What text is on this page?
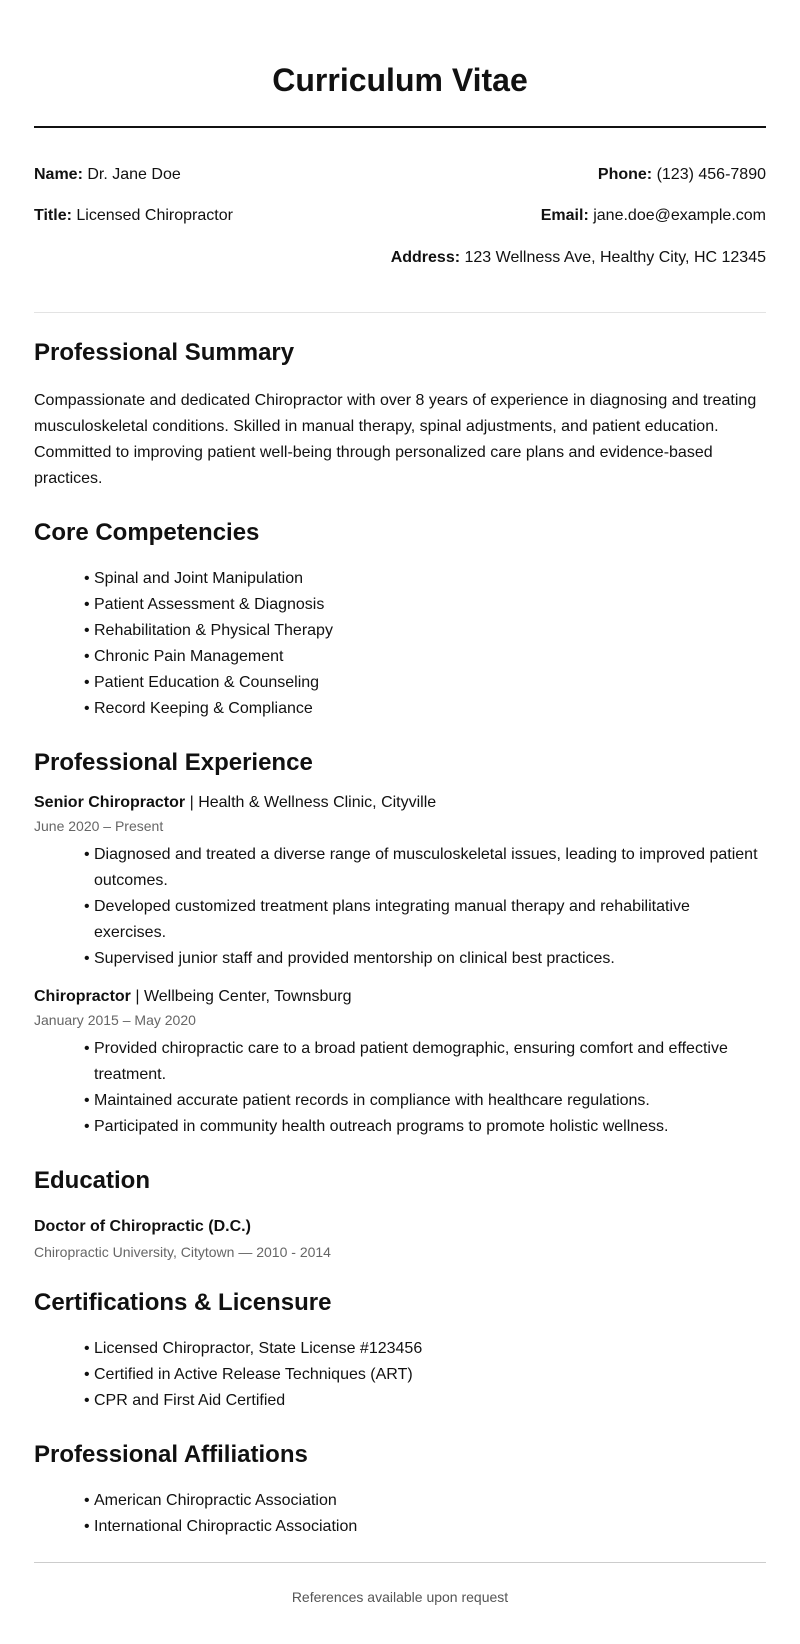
Curriculum Vitae
Name: Dr. Jane Doe
Title: Licensed Chiropractor
Phone: (123) 456-7890
Email: jane.doe@example.com
Address: 123 Wellness Ave, Healthy City, HC 12345
Professional Summary

Compassionate and dedicated Chiropractor with over 8 years of experience in diagnosing and treating musculoskeletal conditions. Skilled in manual therapy, spinal adjustments, and patient education. Committed to improving patient well-being through personalized care plans and evidence-based practices.

Core Competencies
• Spinal and Joint Manipulation
• Patient Assessment & Diagnosis
• Rehabilitation & Physical Therapy
• Chronic Pain Management
• Patient Education & Counseling
• Record Keeping & Compliance
Professional Experience
Senior Chiropractor | Health & Wellness Clinic, Cityville
June 2020 – Present
• Diagnosed and treated a diverse range of musculoskeletal issues, leading to improved patient outcomes.
• Developed customized treatment plans integrating manual therapy and rehabilitative exercises.
• Supervised junior staff and provided mentorship on clinical best practices.
Chiropractor | Wellbeing Center, Townsburg
January 2015 – May 2020
• Provided chiropractic care to a broad patient demographic, ensuring comfort and effective treatment.
• Maintained accurate patient records in compliance with healthcare regulations.
• Participated in community health outreach programs to promote holistic wellness.
Education
Doctor of Chiropractic (D.C.)
Chiropractic University, Citytown — 2010 - 2014
Certifications & Licensure
• Licensed Chiropractor, State License #123456
• Certified in Active Release Techniques (ART)
• CPR and First Aid Certified
Professional Affiliations
• American Chiropractic Association
• International Chiropractic Association
References available upon request
